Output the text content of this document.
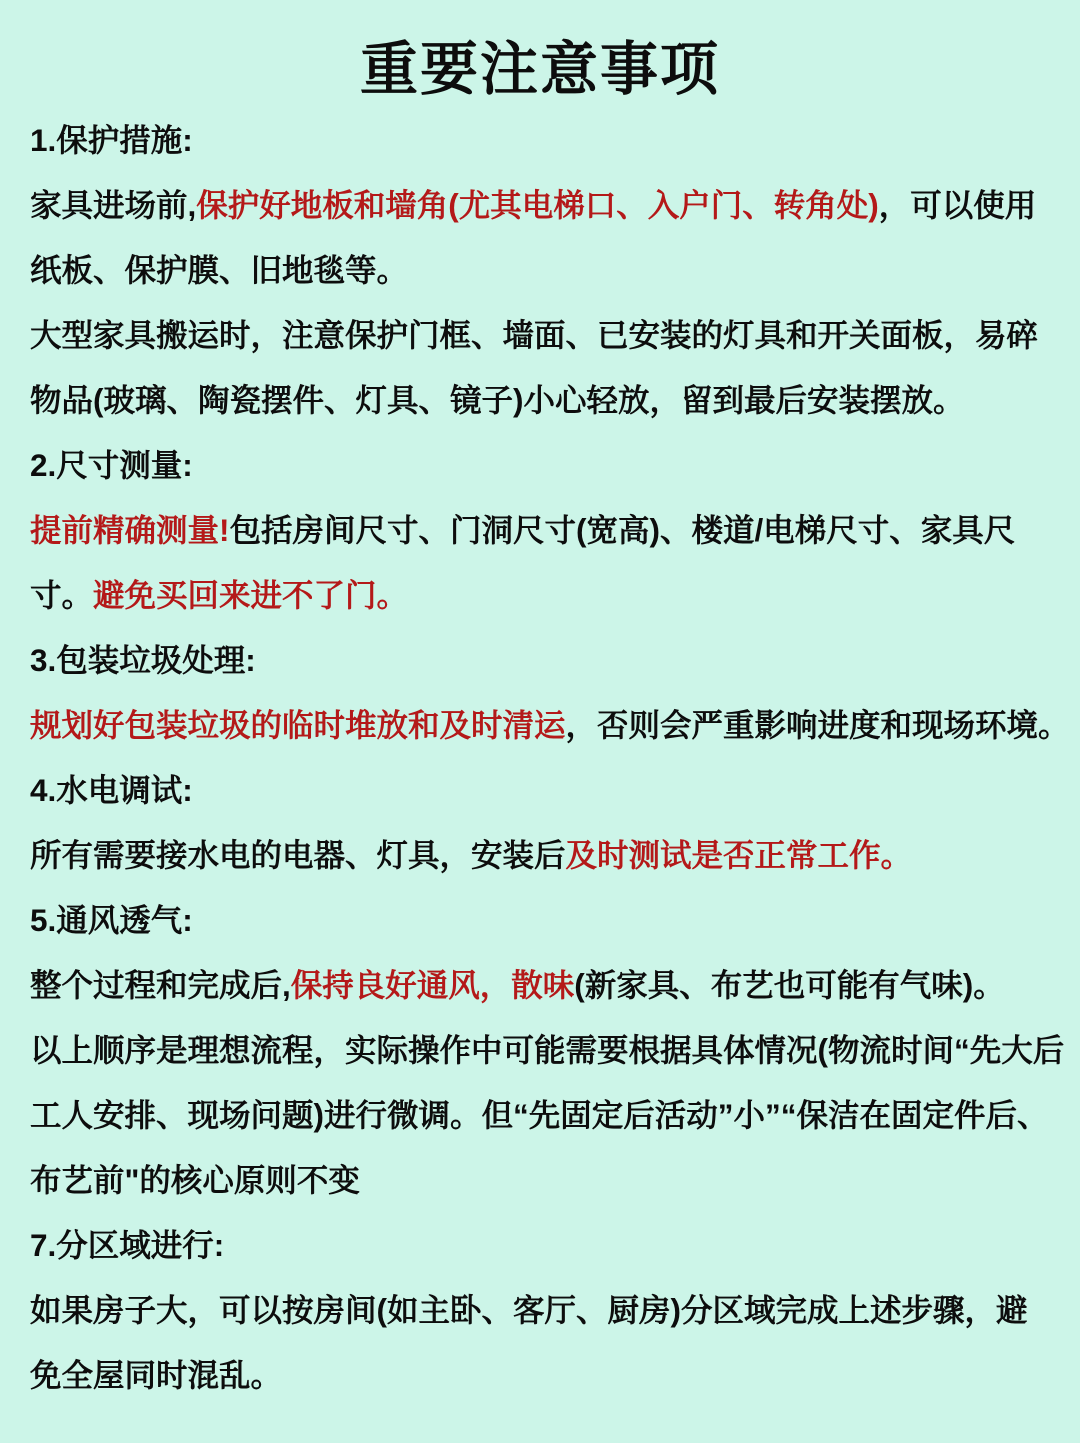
重要注意事项
1.保护措施:
家具进场前, 保护好地板和墙角(尤其电梯口、入户门、转角处) ，可以使用
纸板、保护膜、旧地毯等。
大型家具搬运时，注意保护门框、墙面、已安装的灯具和开关面板，易碎
物品(玻璃、陶瓷摆件、灯具、镜子)小心轻放，留到最后安装摆放。
2.尺寸测量:
提前精确测量! 包括房间尺寸、门洞尺寸(宽高)、楼道/电梯尺寸、家具尺
寸。 避免买回来进不了门。
3.包装垃圾处理:
规划好包装垃圾的临时堆放和及时清运 ，否则会严重影响进度和现场环境。
4.水电调试:
所有需要接水电的电器、灯具，安装后 及时测试是否正常工作。
5.通风透气:
整个过程和完成后, 保持良好通风，散味 (新家具、布艺也可能有气味)。
以上顺序是理想流程，实际操作中可能需要根据具体情况(物流时间“先大后
工人安排、现场问题)进行微调。但“先固定后活动”小”“保洁在固定件后、
布艺前"的核心原则不变
7.分区域进行:
如果房子大，可以按房间(如主卧、客厅、厨房)分区域完成上述步骤，避
免全屋同时混乱。
